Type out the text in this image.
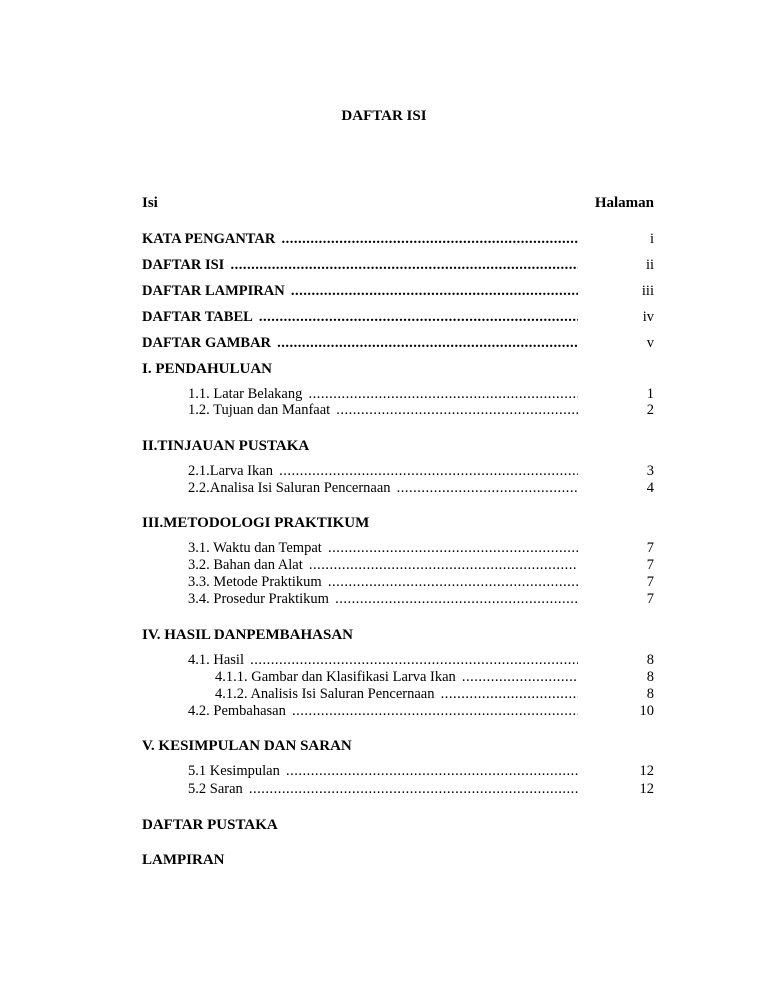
DAFTAR ISI
Isi	Halaman
KATA PENGANTAR .....	i
DAFTAR ISI .....	ii
DAFTAR LAMPIRAN .....	iii
DAFTAR TABEL .....	iv
DAFTAR GAMBAR .....	v
I. PENDAHULUAN
1.1. Latar Belakang .....	1
1.2. Tujuan dan Manfaat .....	2
II.TINJAUAN PUSTAKA
2.1.Larva Ikan .....	3
2.2.Analisa Isi Saluran Pencernaan .....	4
III.METODOLOGI PRAKTIKUM
3.1. Waktu dan Tempat .....	7
3.2. Bahan dan Alat .....	7
3.3. Metode Praktikum .....	7
3.4. Prosedur Praktikum .....	7
IV. HASIL DANPEMBAHASAN
4.1. Hasil .....	8
4.1.1. Gambar dan Klasifikasi Larva Ikan .....	8
4.1.2. Analisis Isi Saluran Pencernaan .....	8
4.2. Pembahasan .....	10
V. KESIMPULAN DAN SARAN
5.1 Kesimpulan .....	12
5.2 Saran .....	12
DAFTAR PUSTAKA
LAMPIRAN
